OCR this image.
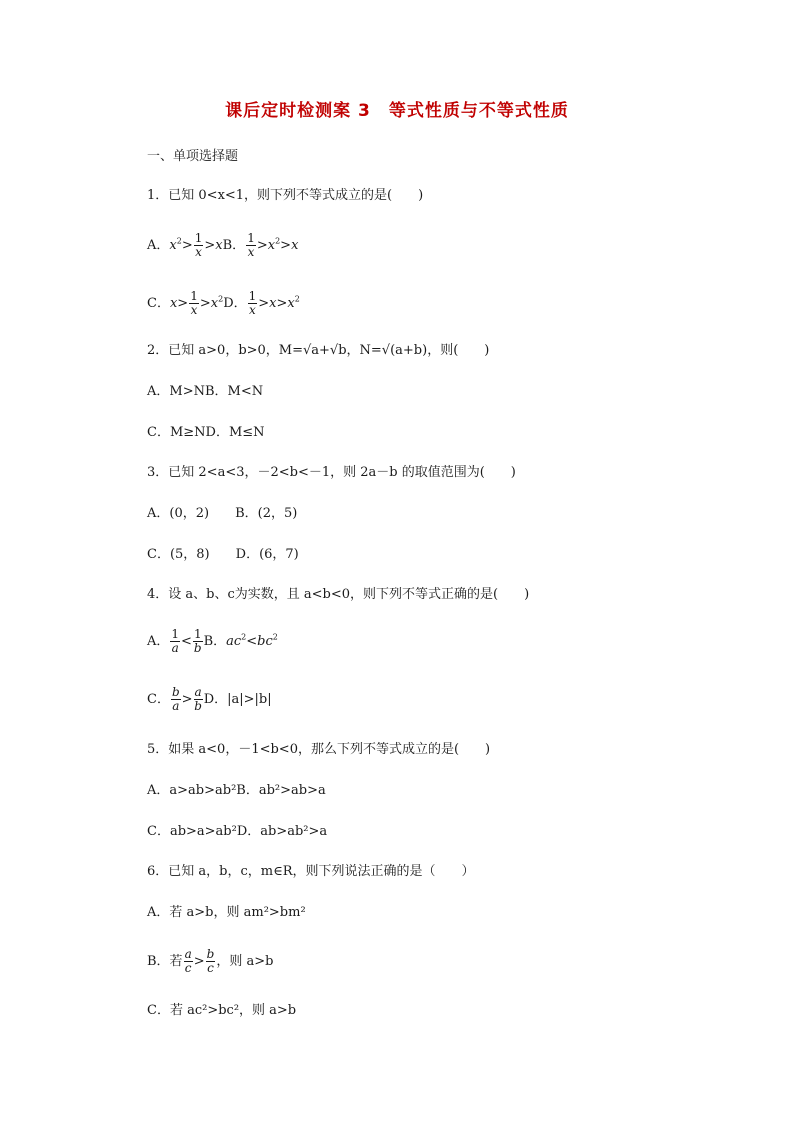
课后定时检测案 3　等式性质与不等式性质
一、单项选择题
1．已知 0<x<1，则下列不等式成立的是(　　)
A．$x^2> \frac{1}{x} >xB$． $\frac{1}{x} >x^2>x$
C．$x> \frac{1}{x} >x^2D$． $\frac{1}{x} >x>x^2$
2．已知 a>0，b>0，M=√a+√b，N=√(a+b)，则(　　)
A．M>NB．M<N
C．M≥ND．M≤N
3．已知 2<a<3，－2<b<－1，则 2a－b 的取值范围为(　　)
A．(0，2) B．(2，5)
C．(5，8) D．(6，7)
4．设 a、b、c为实数，且 a<b<0，则下列不等式正确的是(　　)
A． $\frac{1}{a} < \frac{1}{b}$ B．$ac^2<bc^2$
C． $\frac{b}{a} > \frac{a}{b}$ D．|a|>|b|
5．如果 a<0，－1<b<0，那么下列不等式成立的是(　　)
A．a>ab>ab²B．ab²>ab>a
C．ab>a>ab²D．ab>ab²>a
6．已知 a，b，c，m∈R，则下列说法正确的是（　　）
A．若 a>b，则 am²>bm²
B．若 $\frac{a}{c} > \frac{b}{c}$ ，则 a>b
C．若 ac²>bc²，则 a>b
